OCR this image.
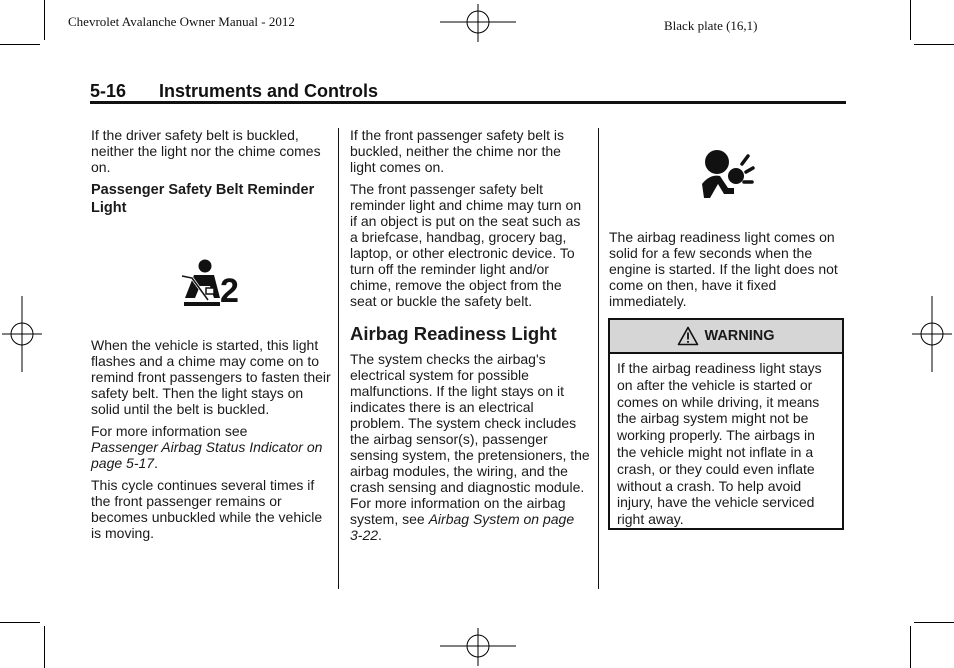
Chevrolet Avalanche Owner Manual - 2012	Black plate (16,1)
5-16 Instruments and Controls

If the driver safety belt is buckled, neither the light nor the chime comes on.

Passenger Safety Belt Reminder Light
2

When the vehicle is started, this light flashes and a chime may come on to remind front passengers to fasten their safety belt. Then the light stays on solid until the belt is buckled.

For more information see
Passenger Airbag Status Indicator on page 5-17.

This cycle continues several times if the front passenger remains or becomes unbuckled while the vehicle is moving.

If the front passenger safety belt is buckled, neither the chime nor the light comes on.

The front passenger safety belt reminder light and chime may turn on if an object is put on the seat such as a briefcase, handbag, grocery bag, laptop, or other electronic device. To turn off the reminder light and/or chime, remove the object from the seat or buckle the safety belt.

Airbag Readiness Light

The system checks the airbag's electrical system for possible malfunctions. If the light stays on it indicates there is an electrical problem. The system check includes the airbag sensor(s), passenger sensing system, the pretensioners, the airbag modules, the wiring, and the crash sensing and diagnostic module. For more information on the airbag system, see Airbag System on page 3-22.

The airbag readiness light comes on solid for a few seconds when the engine is started. If the light does not come on then, have it fixed immediately.

WARNING
If the airbag readiness light stays on after the vehicle is started or comes on while driving, it means the airbag system might not be working properly. The airbags in the vehicle might not inflate in a crash, or they could even inflate without a crash. To help avoid injury, have the vehicle serviced right away.
